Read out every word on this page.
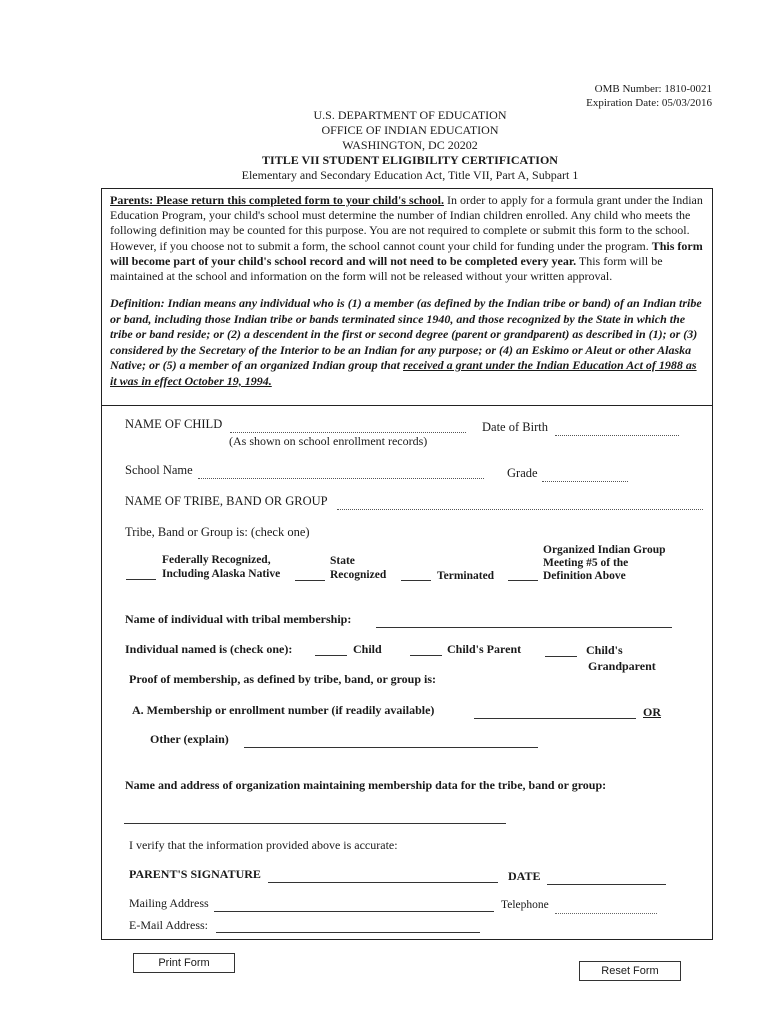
OMB Number: 1810-0021
Expiration Date: 05/03/2016
U.S. DEPARTMENT OF EDUCATION
OFFICE OF INDIAN EDUCATION
WASHINGTON, DC 20202
TITLE VII STUDENT ELIGIBILITY CERTIFICATION
Elementary and Secondary Education Act, Title VII, Part A, Subpart 1
Parents: Please return this completed form to your child's school. In order to apply for a formula grant under the Indian Education Program, your child's school must determine the number of Indian children enrolled. Any child who meets the following definition may be counted for this purpose. You are not required to complete or submit this form to the school. However, if you choose not to submit a form, the school cannot count your child for funding under the program. This form will become part of your child's school record and will not need to be completed every year. This form will be maintained at the school and information on the form will not be released without your written approval.
Definition: Indian means any individual who is (1) a member (as defined by the Indian tribe or band) of an Indian tribe or band, including those Indian tribe or bands terminated since 1940, and those recognized by the State in which the tribe or band reside; or (2) a descendent in the first or second degree (parent or grandparent) as described in (1); or (3) considered by the Secretary of the Interior to be an Indian for any purpose; or (4) an Eskimo or Aleut or other Alaska Native; or (5) a member of an organized Indian group that received a grant under the Indian Education Act of 1988 as it was in effect October 19, 1994.
NAME OF CHILD
(As shown on school enrollment records)
Date of Birth
School Name	Grade
NAME OF TRIBE, BAND OR GROUP
Tribe, Band or Group is: (check one)
Federally Recognized,
Including Alaska Native
State
Recognized	Terminated
Organized Indian Group
Meeting #5 of the
Definition Above
Name of individual with tribal membership:
Individual named is (check one):	Child	Child's Parent	Child's
Grandparent
Proof of membership, as defined by tribe, band, or group is:
A. Membership or enrollment number (if readily available)	OR
Other (explain)
Name and address of organization maintaining membership data for the tribe, band or group:
I verify that the information provided above is accurate:
PARENT'S SIGNATURE	DATE
Mailing Address	Telephone
E-Mail Address:
Print Form
Reset Form
